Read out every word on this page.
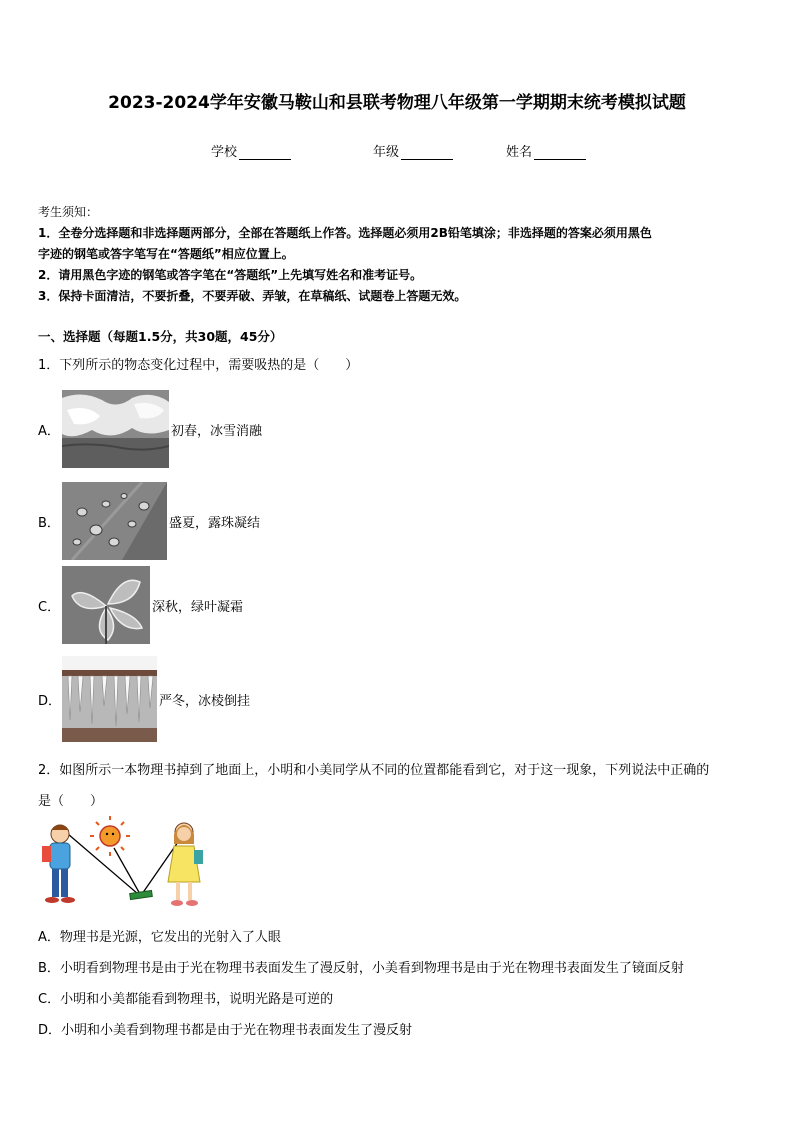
2023-2024学年安徽马鞍山和县联考物理八年级第一学期期末统考模拟试题
学校	年级	姓名
考生须知：
1．全卷分选择题和非选择题两部分，全部在答题纸上作答。选择题必须用2B铅笔填涂；非选择题的答案必须用黑色
字迹的钢笔或答字笔写在“答题纸”相应位置上。
2．请用黑色字迹的钢笔或答字笔在“答题纸”上先填写姓名和准考证号。
3．保持卡面清洁，不要折叠，不要弄破、弄皱，在草稿纸、试题卷上答题无效。
一、选择题（每题1.5分，共30题，45分）
1．下列所示的物态变化过程中，需要吸热的是（　　）
A．	初春，冰雪消融
B．	盛夏，露珠凝结
C．	深秋，绿叶凝霜
D．	严冬，冰棱倒挂
2．如图所示一本物理书掉到了地面上，小明和小美同学从不同的位置都能看到它，对于这一现象，下列说法中正确的
是（　　）
A．物理书是光源，它发出的光射入了人眼
B．小明看到物理书是由于光在物理书表面发生了漫反射，小美看到物理书是由于光在物理书表面发生了镜面反射
C．小明和小美都能看到物理书，说明光路是可逆的
D．小明和小美看到物理书都是由于光在物理书表面发生了漫反射
